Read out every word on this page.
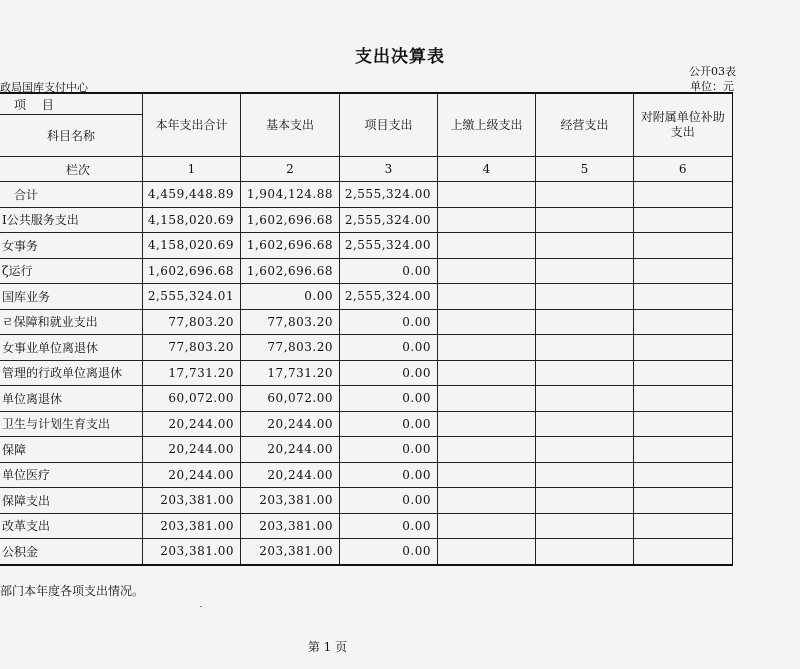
支出决算表
公开03表
单位：元
政局国库支付中心
项 目	本年支出合计	基本支出	项目支出	上缴上级支出	经营支出	对附属单位补助支出
科目名称						
栏次	1	2	3	4	5	6
合计	4,459,448.89	1,904,124.88	2,555,324.00			
Ⅰ公共服务支出	4,158,020.69	1,602,696.68	2,555,324.00			
女事务	4,158,020.69	1,602,696.68	2,555,324.00			
ζ运行	1,602,696.68	1,602,696.68	0.00			
国库业务	2,555,324.01	0.00	2,555,324.00			
ㄹ保障和就业支出	77,803.20	77,803.20	0.00			
女事业单位离退休	77,803.20	77,803.20	0.00			
管理的行政单位离退休	17,731.20	17,731.20	0.00			
单位离退休	60,072.00	60,072.00	0.00			
卫生与计划生育支出	20,244.00	20,244.00	0.00			
保障	20,244.00	20,244.00	0.00			
单位医疗	20,244.00	20,244.00	0.00			
保障支出	203,381.00	203,381.00	0.00			
改革支出	203,381.00	203,381.00	0.00			
公积金	203,381.00	203,381.00	0.00			
部门本年度各项支出情况。
第 1 页
